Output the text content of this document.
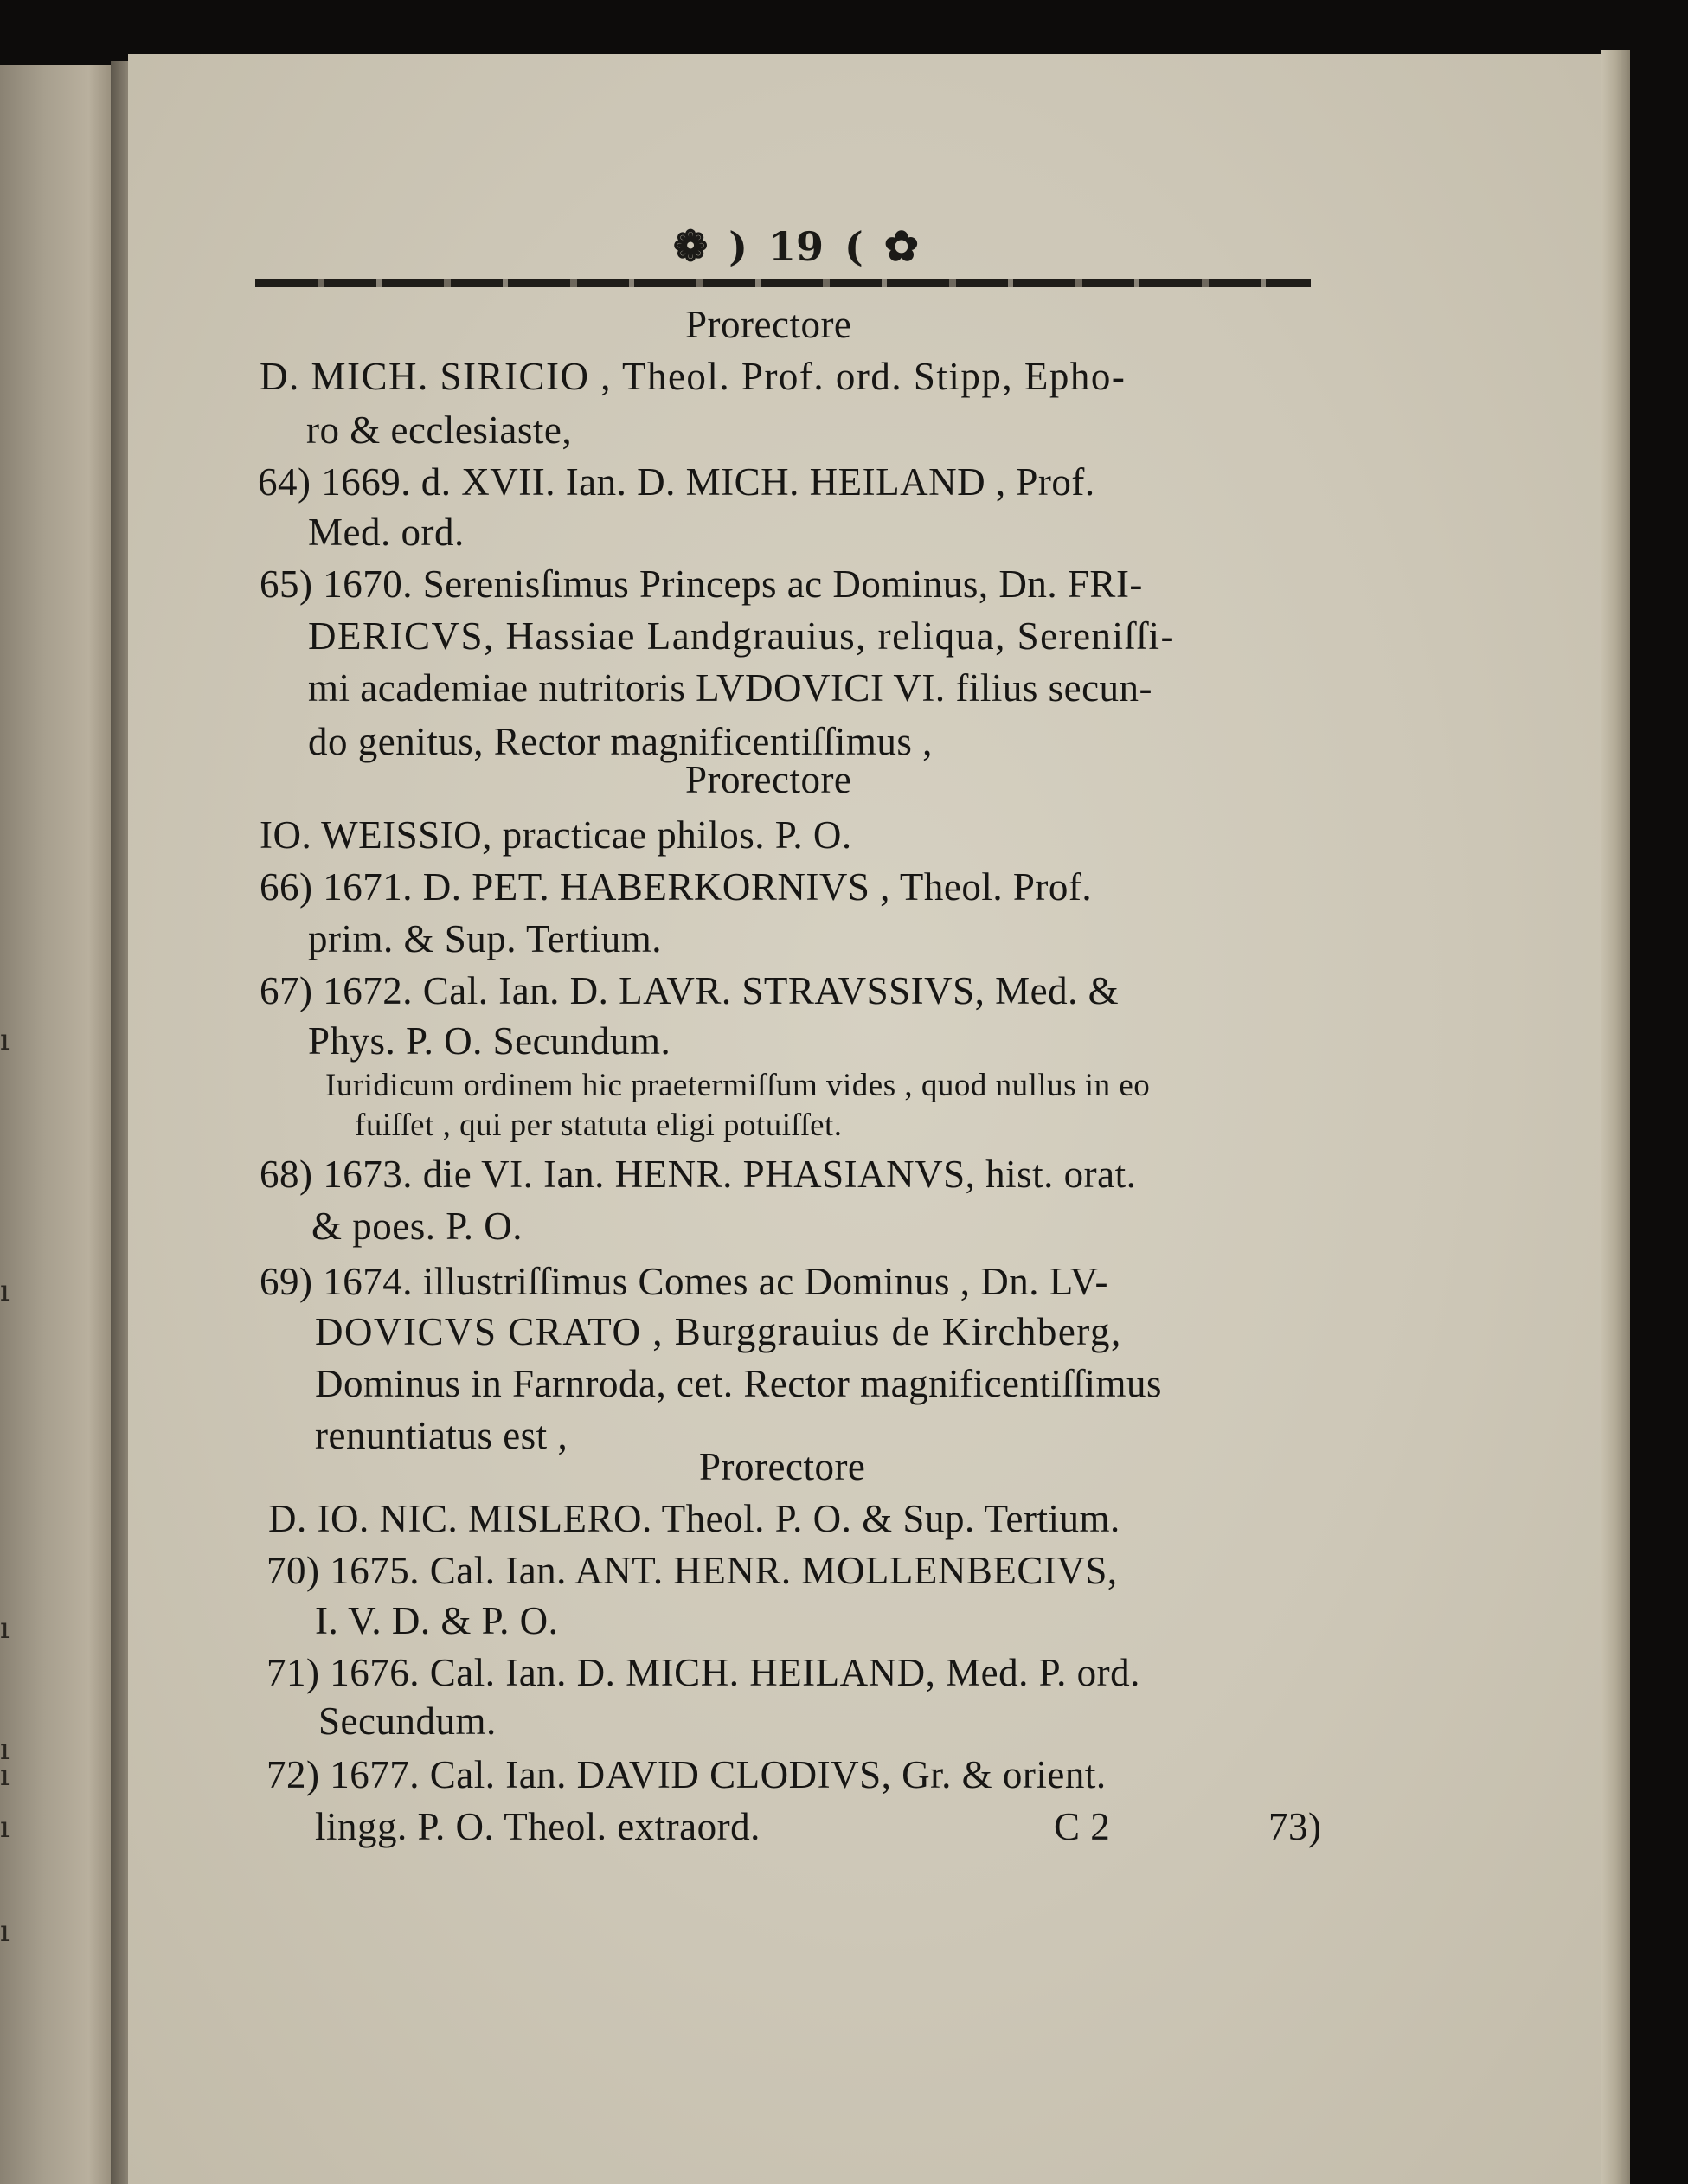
ı
ı
ı
ı
ı
ı
ı
❁ ) 19 ( ✿

Prorectore

D. MICH. SIRICIO , Theol. Prof. ord. Stipp, Epho-

ro & ecclesiaste,

64) 1669. d. XVII. Ian. D. MICH. HEILAND , Prof.

Med. ord.

65) 1670. Serenisſimus Princeps ac Dominus, Dn. FRI-

DERICVS, Hassiae Landgrauius, reliqua, Sereniſſi-

mi academiae nutritoris LVDOVICI VI. filius secun-

do genitus, Rector magnificentiſſimus ,

Prorectore

IO. WEISSIO, practicae philos. P. O.

66) 1671. D. PET. HABERKORNIVS , Theol. Prof.

prim. & Sup. Tertium.

67) 1672. Cal. Ian. D. LAVR. STRAVSSIVS, Med. &

Phys. P. O. Secundum.

Iuridicum ordinem hic praetermiſſum vides , quod nullus in eo

fuiſſet , qui per statuta eligi potuiſſet.

68) 1673. die VI. Ian. HENR. PHASIANVS, hist. orat.

& poes. P. O.

69) 1674. illustriſſimus Comes ac Dominus , Dn. LV-

DOVICVS CRATO , Burggrauius de Kirchberg,

Dominus in Farnroda, cet. Rector magnificentiſſimus

renuntiatus est ,

Prorectore

D. IO. NIC. MISLERO. Theol. P. O. & Sup. Tertium.

70) 1675. Cal. Ian. ANT. HENR. MOLLENBECIVS,

I. V. D. & P. O.

71) 1676. Cal. Ian. D. MICH. HEILAND, Med. P. ord.

Secundum.

72) 1677. Cal. Ian. DAVID CLODIVS, Gr. & orient.

lingg. P. O. Theol. extraord.	C 2	73)
